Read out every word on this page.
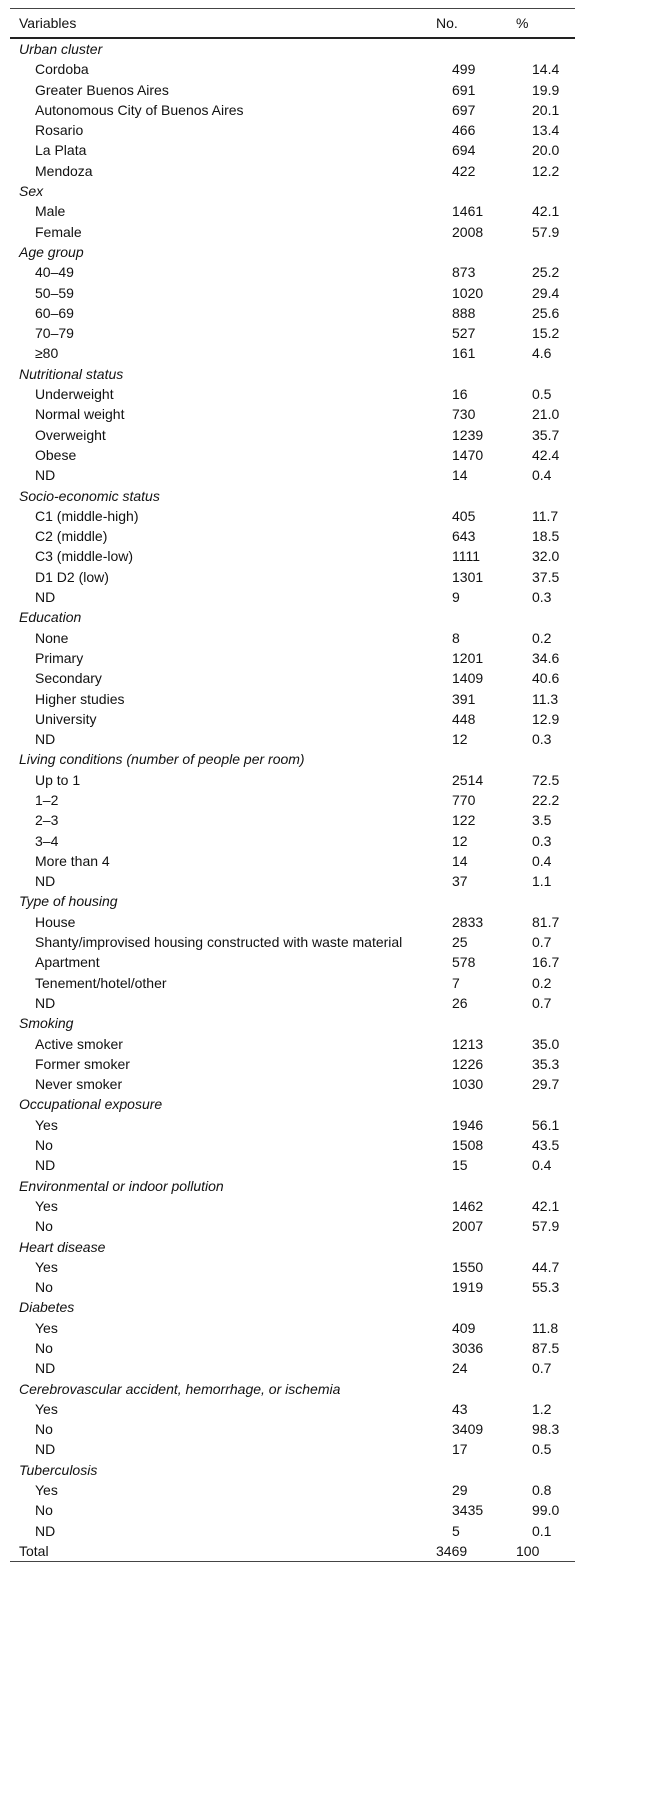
Variables	No.	%
Urban cluster
Cordoba	499	14.4
Greater Buenos Aires	691	19.9
Autonomous City of Buenos Aires	697	20.1
Rosario	466	13.4
La Plata	694	20.0
Mendoza	422	12.2
Sex
Male	1461	42.1
Female	2008	57.9
Age group
40–49	873	25.2
50–59	1020	29.4
60–69	888	25.6
70–79	527	15.2
≥80	161	4.6
Nutritional status
Underweight	16	0.5
Normal weight	730	21.0
Overweight	1239	35.7
Obese	1470	42.4
ND	14	0.4
Socio-economic status
C1 (middle-high)	405	11.7
C2 (middle)	643	18.5
C3 (middle-low)	1111	32.0
D1 D2 (low)	1301	37.5
ND	9	0.3
Education
None	8	0.2
Primary	1201	34.6
Secondary	1409	40.6
Higher studies	391	11.3
University	448	12.9
ND	12	0.3
Living conditions (number of people per room)
Up to 1	2514	72.5
1–2	770	22.2
2–3	122	3.5
3–4	12	0.3
More than 4	14	0.4
ND	37	1.1
Type of housing
House	2833	81.7
Shanty/improvised housing constructed with waste material	25	0.7
Apartment	578	16.7
Tenement/hotel/other	7	0.2
ND	26	0.7
Smoking
Active smoker	1213	35.0
Former smoker	1226	35.3
Never smoker	1030	29.7
Occupational exposure
Yes	1946	56.1
No	1508	43.5
ND	15	0.4
Environmental or indoor pollution
Yes	1462	42.1
No	2007	57.9
Heart disease
Yes	1550	44.7
No	1919	55.3
Diabetes
Yes	409	11.8
No	3036	87.5
ND	24	0.7
Cerebrovascular accident, hemorrhage, or ischemia
Yes	43	1.2
No	3409	98.3
ND	17	0.5
Tuberculosis
Yes	29	0.8
No	3435	99.0
ND	5	0.1
Total	3469	100
